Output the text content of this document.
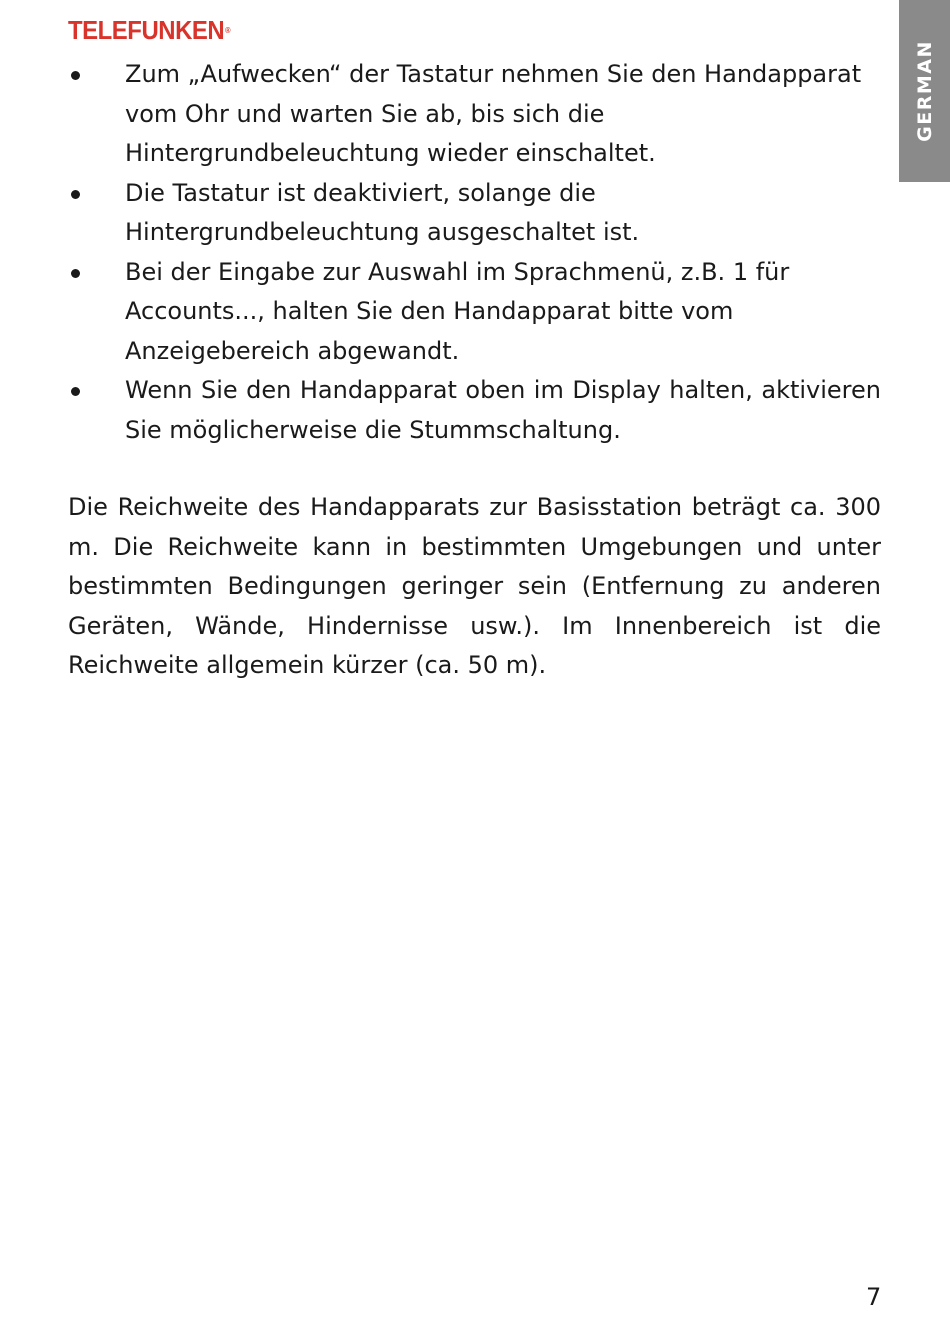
TELEFUNKEN®
GERMAN
Zum „Aufwecken“ der Tastatur nehmen Sie den Handapparat vom Ohr und warten Sie ab, bis sich die Hintergrundbeleuchtung wieder einschaltet.
Die Tastatur ist deaktiviert, solange die Hintergrundbeleuchtung ausgeschaltet ist.
Bei der Eingabe zur Auswahl im Sprachmenü, z.B. 1 für Accounts..., halten Sie den Handapparat bitte vom Anzeigebereich abgewandt.
Wenn Sie den Handapparat oben im Display halten, aktivieren Sie möglicherweise die Stummschaltung.

Die Reichweite des Handapparats zur Basisstation beträgt ca. 300 m. Die Reichweite kann in bestimmten Umgebungen und unter bestimmten Bedingungen geringer sein (Entfernung zu anderen Geräten, Wände, Hindernisse usw.). Im Innenbereich ist die Reichweite allgemein kürzer (ca. 50 m).

7
